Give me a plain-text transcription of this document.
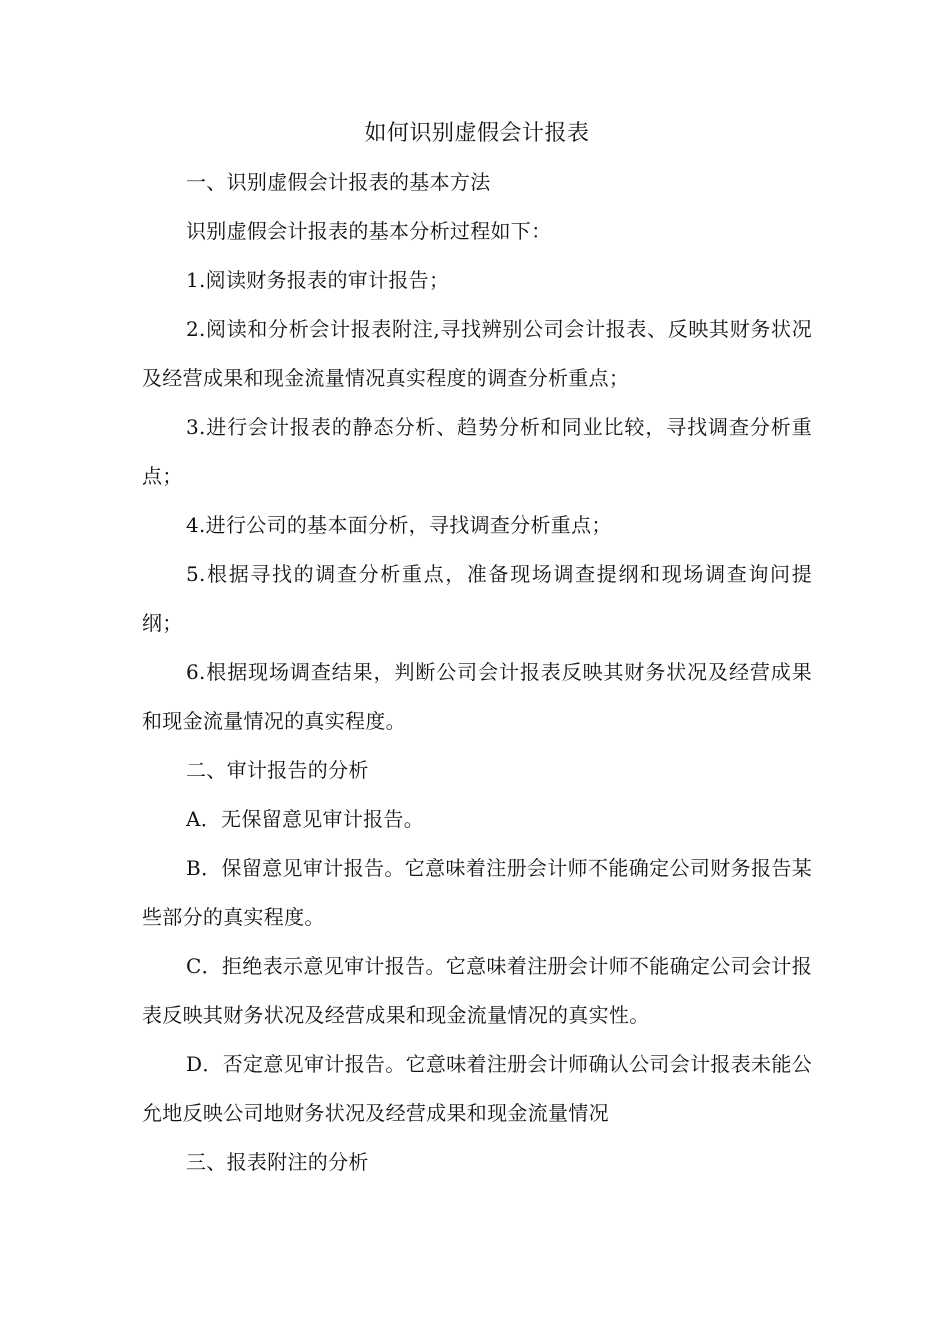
如何识别虚假会计报表

一、识别虚假会计报表的基本方法

识别虚假会计报表的基本分析过程如下：

1.阅读财务报表的审计报告；

2.阅读和分析会计报表附注,寻找辨别公司会计报表、反映其财务状况及经营成果和现金流量情况真实程度的调查分析重点；

3.进行会计报表的静态分析、趋势分析和同业比较，寻找调查分析重点；

4.进行公司的基本面分析，寻找调查分析重点；

5.根据寻找的调查分析重点，准备现场调查提纲和现场调查询问提纲；

6.根据现场调查结果，判断公司会计报表反映其财务状况及经营成果和现金流量情况的真实程度。

二、审计报告的分析

A．无保留意见审计报告。

B．保留意见审计报告。它意味着注册会计师不能确定公司财务报告某些部分的真实程度。

C．拒绝表示意见审计报告。它意味着注册会计师不能确定公司会计报表反映其财务状况及经营成果和现金流量情况的真实性。

D．否定意见审计报告。它意味着注册会计师确认公司会计报表未能公允地反映公司地财务状况及经营成果和现金流量情况

三、报表附注的分析
